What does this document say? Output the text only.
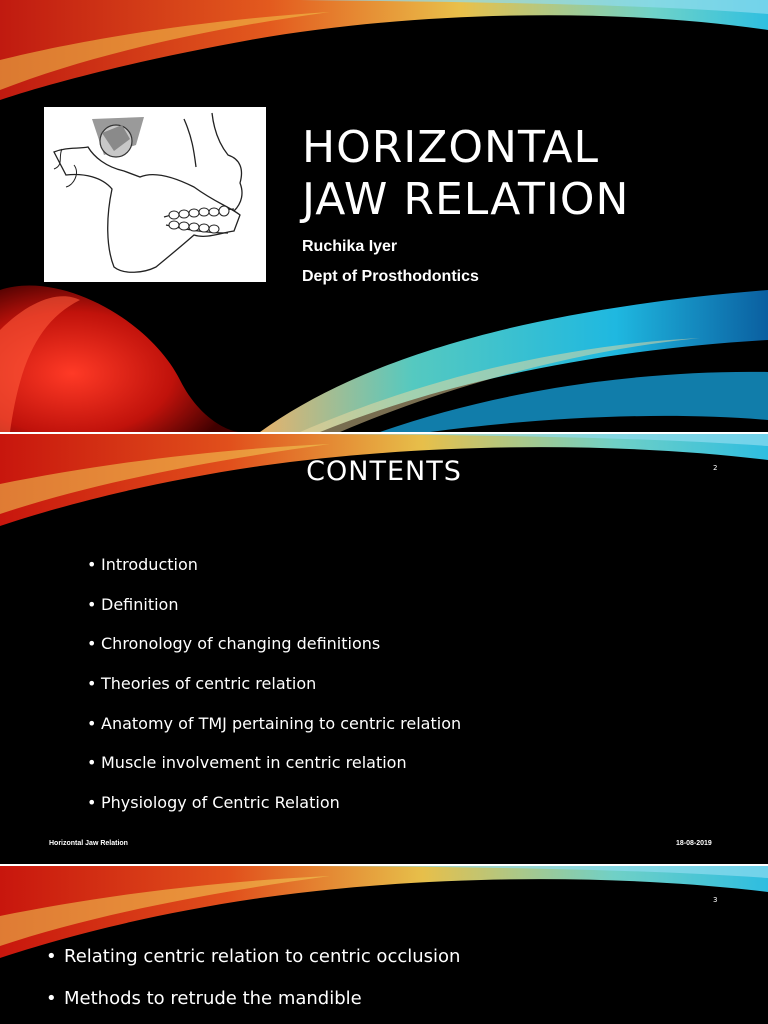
HORIZONTAL
JAW RELATION
Ruchika Iyer
Dept of Prosthodontics
CONTENTS	2
• Introduction
• Definition
• Chronology of changing definitions
• Theories of centric relation
• Anatomy of TMJ pertaining to centric relation
• Muscle involvement in centric relation
• Physiology of Centric Relation
Horizontal Jaw Relation	18-08-2019
3
• Relating centric relation to centric occlusion
• Methods to retrude the mandible
